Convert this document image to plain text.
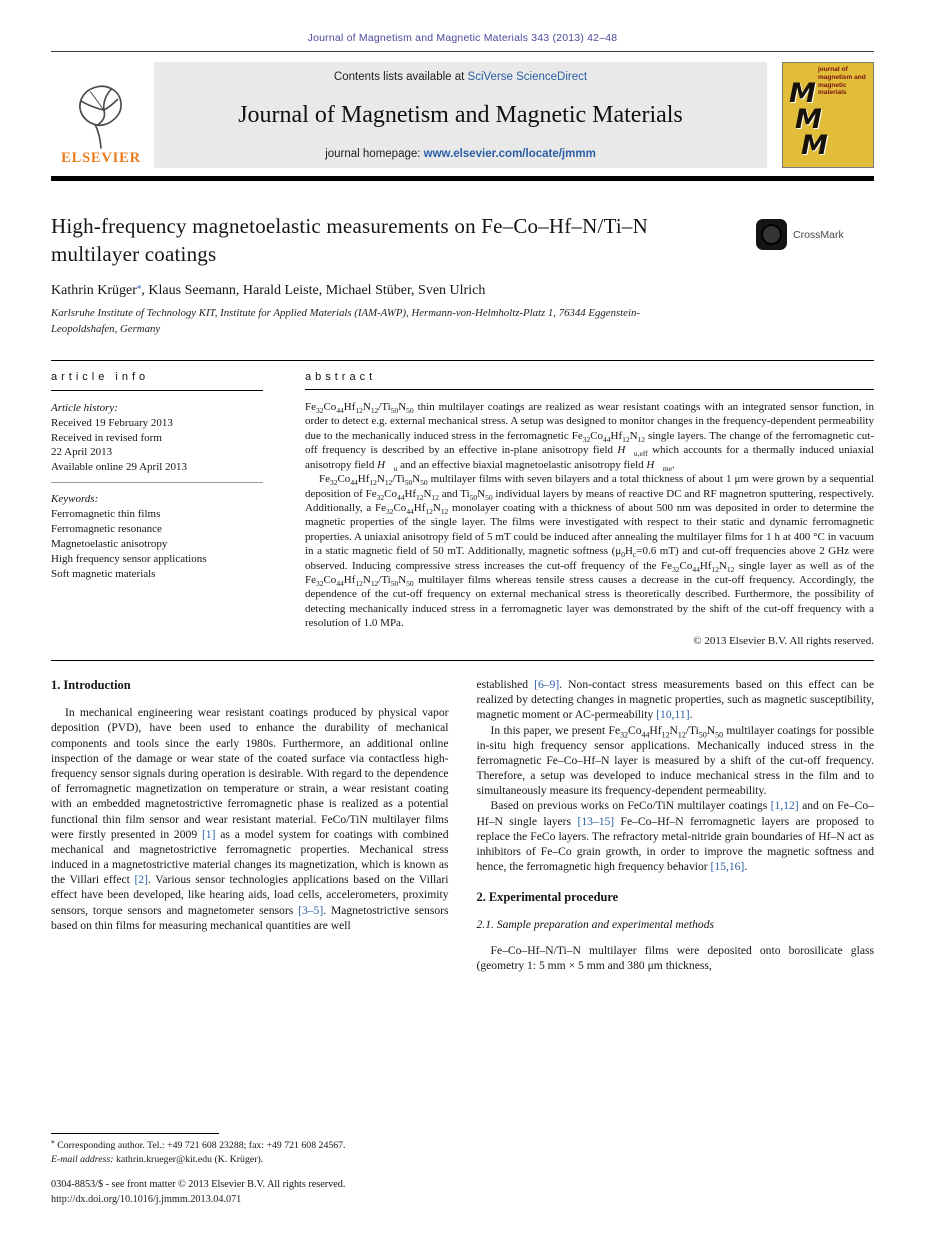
Journal of Magnetism and Magnetic Materials 343 (2013) 42–48
ELSEVIER
Contents lists available at SciVerse ScienceDirect
Journal of Magnetism and Magnetic Materials
journal homepage: www.elsevier.com/locate/jmmm
journal of magnetism and magnetic materials
M
M
M
High-frequency magnetoelastic measurements on Fe–Co–Hf–N/Ti–N multilayer coatings
CrossMark
Kathrin Krüger⁎, Klaus Seemann, Harald Leiste, Michael Stüber, Sven Ulrich
Karlsruhe Institute of Technology KIT, Institute for Applied Materials (IAM-AWP), Hermann-von-Helmholtz-Platz 1, 76344 Eggenstein-Leopoldshafen, Germany
article info
Article history:
Received 19 February 2013
Received in revised form
22 April 2013
Available online 29 April 2013
Keywords:
Ferromagnetic thin films
Ferromagnetic resonance
Magnetoelastic anisotropy
High frequency sensor applications
Soft magnetic materials
abstract

$Fe_{32}Co_{44}Hf_{12}N_{12}/Ti_{50}N_{50}$ thin multilayer coatings are realized as wear resistant coatings with an integrated sensor function, in order to detect e.g. external mechanical stress. A setup was designed to monitor changes in the frequency-dependent permeability due to the mechanically induced stress in the ferromagnetic $Fe_{32}Co_{44}Hf_{12}N_{12}$ single layers. The change of the ferromagnetic cut-off frequency is described by an effective in-plane anisotropy field $H⃗_{u,eff}$ which accounts for a thermally induced uniaxial anisotropy field $H⃗_u$ and an effective biaxial magnetoelastic anisotropy field $H⃗_{me}$.

$Fe_{32}Co_{44}Hf_{12}N_{12}/Ti_{50}N_{50}$ multilayer films with seven bilayers and a total thickness of about 1 μm were grown by a sequential deposition of $Fe_{32}Co_{44}Hf_{12}N_{12}$ and $Ti_{50}N_{50}$ individual layers by means of reactive DC and RF magnetron sputtering, respectively. Additionally, a $Fe_{32}Co_{44}Hf_{12}N_{12}$ monolayer coating with a thickness of about 500 nm was deposited in order to determine the magnetic properties of the single layer. The films were investigated with respect to their static and dynamic ferromagnetic properties. A uniaxial anisotropy field of 5 mT could be induced after annealing the multilayer films for 1 h at 400 °C in vacuum in a static magnetic field of 50 mT. Additionally, magnetic softness ($\mu_0H_c=0.6$ mT) and cut-off frequencies above 2 GHz were observed. Inducing compressive stress increases the cut-off frequency of the $Fe_{32}Co_{44}Hf_{12}N_{12}$ single layer as well as of the $Fe_{32}Co_{44}Hf_{12}N_{12}/Ti_{50}N_{50}$ multilayer films whereas tensile stress causes a decrease in the cut-off frequency. Accordingly, the dependence of the cut-off frequency on external mechanical stress is theoretically described. Furthermore, the possibility of detecting mechanically induced stress in a ferromagnetic layer was demonstrated by the shift of the cut-off frequency with a resolution of 1.0 MPa.

© 2013 Elsevier B.V. All rights reserved.
1. Introduction

In mechanical engineering wear resistant coatings produced by physical vapor deposition (PVD), have been used to enhance the durability of mechanical components and tools since the early 1980s. Furthermore, an additional online inspection of the damage or wear state of the coated surface via contactless high-frequency sensor signals during operation is desirable. With regard to the dependence of ferromagnetic magnetization on temperature or strain, a wear resistant coating with an embedded magnetostrictive ferromagnetic phase is realized as a potential functional thin film sensor and wear resistant material. FeCo/TiN multilayer films were firstly presented in 2009 [1] as a model system for coatings with combined mechanical and magnetostrictive ferromagnetic properties. Mechanical stress induced in a magnetostrictive material changes its magnetization, which is known as the Villari effect [2]. Various sensor technologies applications based on the Villari effect have been developed, like hearing aids, load cells, accelerometers, proximity sensors, torque sensors and magnetometer sensors [3–5]. Magnetostrictive sensors based on thin films for measuring mechanical quantities are well

⁎ Corresponding author. Tel.: +49 721 608 23288; fax: +49 721 608 24567.
E-mail address: kathrin.krueger@kit.edu (K. Krüger).

established [6–9]. Non-contact stress measurements based on this effect can be realized by detecting changes in magnetic properties, such as magnetic susceptibility, magnetic moment or AC-permeability [10,11].

In this paper, we present $Fe_{32}Co_{44}Hf_{12}N_{12}/Ti_{50}N_{50}$ multilayer coatings for possible in-situ high frequency sensor applications. Mechanically induced stress in the ferromagnetic Fe–Co–Hf–N layer is measured by a shift of the cut-off frequency. Therefore, a setup was developed to induce mechanical stress in the film and to simultaneously measure its frequency-dependent permeability.

Based on previous works on FeCo/TiN multilayer coatings [1,12] and on Fe–Co–Hf–N single layers [13–15] Fe–Co–Hf–N ferromagnetic layers are proposed to replace the FeCo layers. The refractory metal-nitride grain boundaries of Hf–N act as inhibitors of Fe–Co grain growth, in order to improve the magnetic softness and hence, the ferromagnetic high frequency behavior [15,16].

2. Experimental procedure
2.1. Sample preparation and experimental methods

Fe–Co–Hf–N/Ti–N multilayer films were deposited onto borosilicate glass (geometry 1: 5 mm × 5 mm and 380 μm thickness,

0304-8853/$ - see front matter © 2013 Elsevier B.V. All rights reserved.
http://dx.doi.org/10.1016/j.jmmm.2013.04.071
